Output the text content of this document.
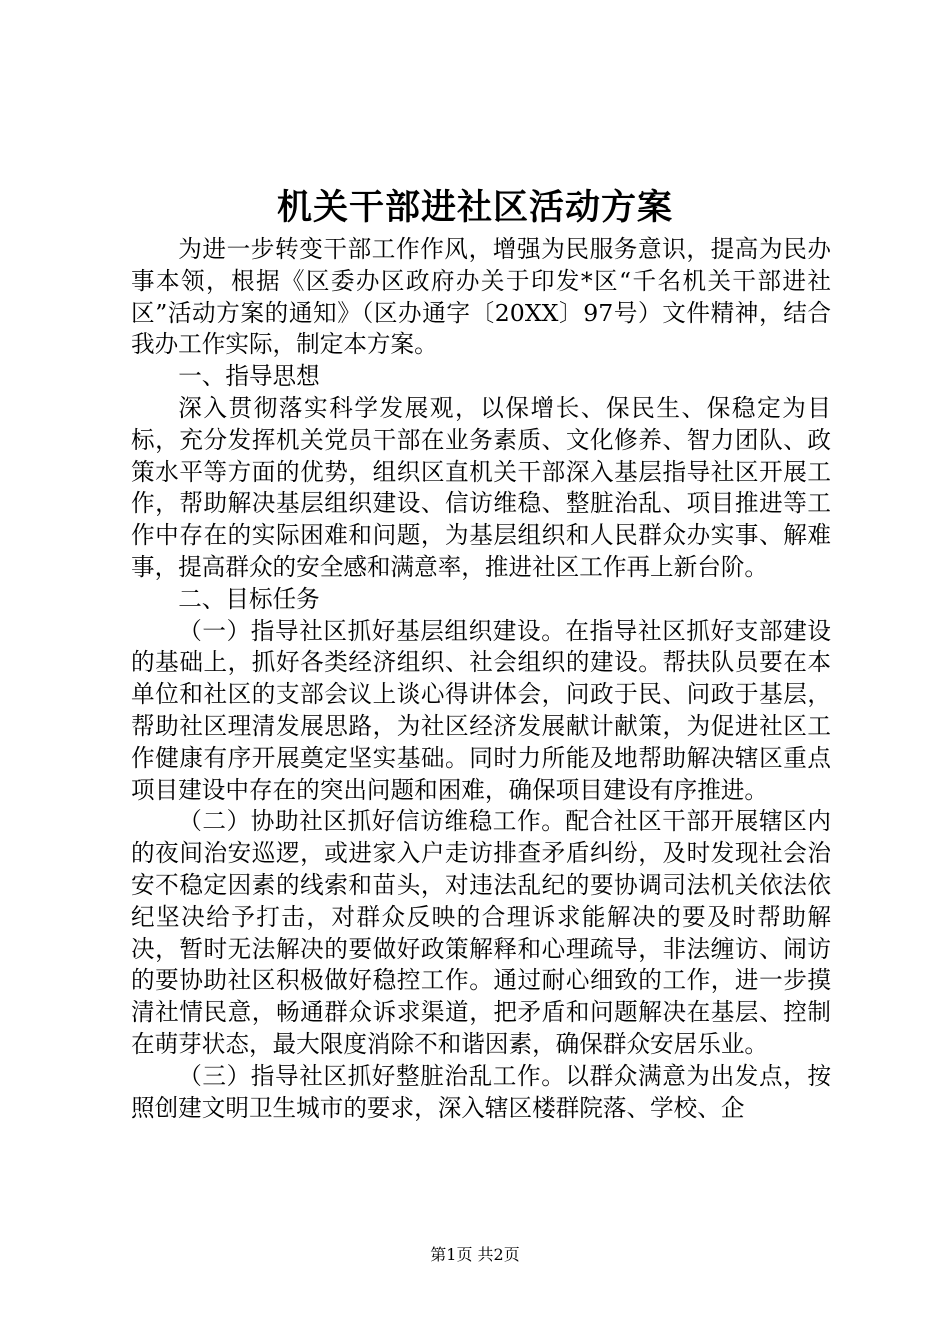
机关干部进社区活动方案

为进一步转变干部工作作风，增强为民服务意识，提高为民办事本领，根据《区委办区政府办关于印发*区“千名机关干部进社区”活动方案的通知》（区办通字〔20XX〕97号）文件精神，结合我办工作实际，制定本方案。

一、指导思想

深入贯彻落实科学发展观，以保增长、保民生、保稳定为目标，充分发挥机关党员干部在业务素质、文化修养、智力团队、政策水平等方面的优势，组织区直机关干部深入基层指导社区开展工作，帮助解决基层组织建设、信访维稳、整脏治乱、项目推进等工作中存在的实际困难和问题，为基层组织和人民群众办实事、解难事，提高群众的安全感和满意率，推进社区工作再上新台阶。

二、目标任务

（一）指导社区抓好基层组织建设。在指导社区抓好支部建设的基础上，抓好各类经济组织、社会组织的建设。帮扶队员要在本单位和社区的支部会议上谈心得讲体会，问政于民、问政于基层，帮助社区理清发展思路，为社区经济发展献计献策，为促进社区工作健康有序开展奠定坚实基础。同时力所能及地帮助解决辖区重点项目建设中存在的突出问题和困难，确保项目建设有序推进。

（二）协助社区抓好信访维稳工作。配合社区干部开展辖区内的夜间治安巡逻，或进家入户走访排查矛盾纠纷，及时发现社会治安不稳定因素的线索和苗头，对违法乱纪的要协调司法机关依法依纪坚决给予打击，对群众反映的合理诉求能解决的要及时帮助解决，暂时无法解决的要做好政策解释和心理疏导，非法缠访、闹访的要协助社区积极做好稳控工作。通过耐心细致的工作，进一步摸清社情民意，畅通群众诉求渠道，把矛盾和问题解决在基层、控制在萌芽状态，最大限度消除不和谐因素，确保群众安居乐业。

（三）指导社区抓好整脏治乱工作。以群众满意为出发点，按照创建文明卫生城市的要求，深入辖区楼群院落、学校、企

第1页 共2页
